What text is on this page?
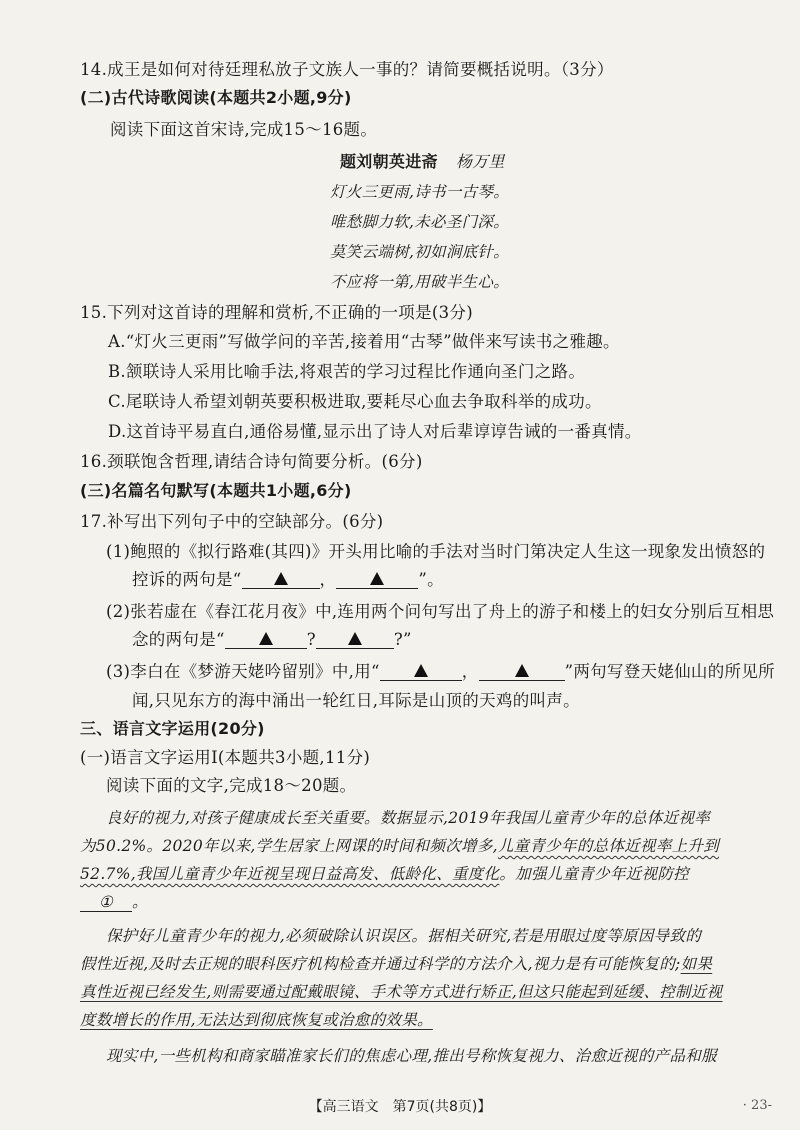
14.成王是如何对待廷理私放子文族人一事的？请简要概括说明。（3分）
(二)古代诗歌阅读(本题共2小题,9分)
阅读下面这首宋诗,完成15～16题。
题刘朝英进斋 杨万里
灯火三更雨,诗书一古琴。
唯愁脚力软,未必圣门深。
莫笑云端树,初如涧底针。
不应将一第,用破半生心。
15.下列对这首诗的理解和赏析,不正确的一项是(3分)
A.“灯火三更雨”写做学问的辛苦,接着用“古琴”做伴来写读书之雅趣。
B.颔联诗人采用比喻手法,将艰苦的学习过程比作通向圣门之路。
C.尾联诗人希望刘朝英要积极进取,要耗尽心血去争取科举的成功。
D.这首诗平易直白,通俗易懂,显示出了诗人对后辈谆谆告诫的一番真情。
16.颈联饱含哲理,请结合诗句简要分析。(6分)
(三)名篇名句默写(本题共1小题,6分)
17.补写出下列句子中的空缺部分。(6分)
(1)鲍照的《拟行路难(其四)》开头用比喻的手法对当时门第决定人生这一现象发出愤怒的
控诉的两句是“	，	”。
(2)张若虚在《春江花月夜》中,连用两个问句写出了舟上的游子和楼上的妇女分别后互相思
念的两句是“	?	?”
(3)李白在《梦游天姥吟留别》中,用“	，	”两句写登天姥仙山的所见所
闻,只见东方的海中涌出一轮红日,耳际是山顶的天鸡的叫声。
三、语言文字运用(20分)
(一)语言文字运用Ⅰ(本题共3小题,11分)
阅读下面的文字,完成18～20题。
良好的视力,对孩子健康成长至关重要。数据显示,2019年我国儿童青少年的总体近视率
为50.2%。2020年以来,学生居家上网课的时间和频次增多,儿童青少年的总体近视率上升到
52.7%,我国儿童青少年近视呈现日益高发、低龄化、重度化。加强儿童青少年近视防控
① 。
保护好儿童青少年的视力,必须破除认识误区。据相关研究,若是用眼过度等原因导致的
假性近视,及时去正规的眼科医疗机构检查并通过科学的方法介入,视力是有可能恢复的;如果
真性近视已经发生,则需要通过配戴眼镜、手术等方式进行矫正,但这只能起到延缓、控制近视
度数增长的作用,无法达到彻底恢复或治愈的效果。
现实中,一些机构和商家瞄准家长们的焦虑心理,推出号称恢复视力、治愈近视的产品和服
【高三语文　第7页(共8页)】	· 23-
